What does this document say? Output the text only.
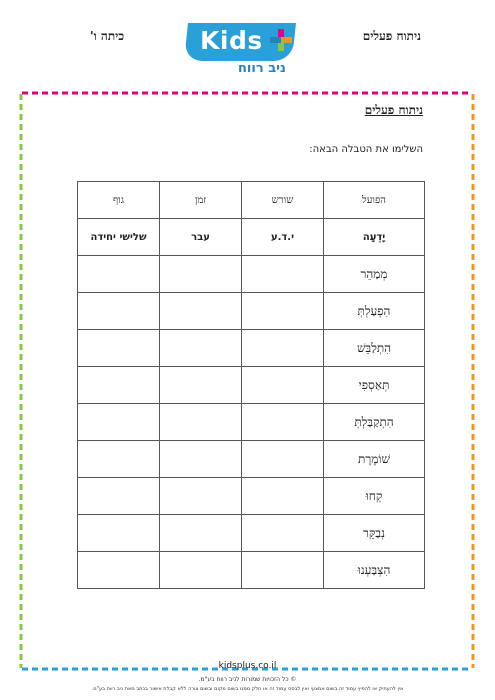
כיתה ו'	ניתוח פעלים
Kids
ניב רווח
ניתוח פעלים
השלימו את הטבלה הבאה:
הפועל	שורש	זמן	גוף
יָדְעָה	י.ד.ע	עבר	שלישי יחידה
מְמַהֵר			
הִפְעַלְתְּ			
הִתְלַבֵּשׁ			
תְּאַסְפִי			
הִתְקַבַּלְתְּ			
שׁוֹמֶרֶת			
קְחוּ			
נְבַקֵּר			
הִצְבַּעְנוּ			
kidsplus.co.il
© כל הזכויות שמורות לניב רווח בע"מ.
אין להעתיק או להפיץ עמוד זה בשום אמצעי ואין לבסס עמוד זה או חלק ממנו בשום מקום ובשום צורה ללא קבלת אישור בכתב מאת ניב רווח בע"מ.
